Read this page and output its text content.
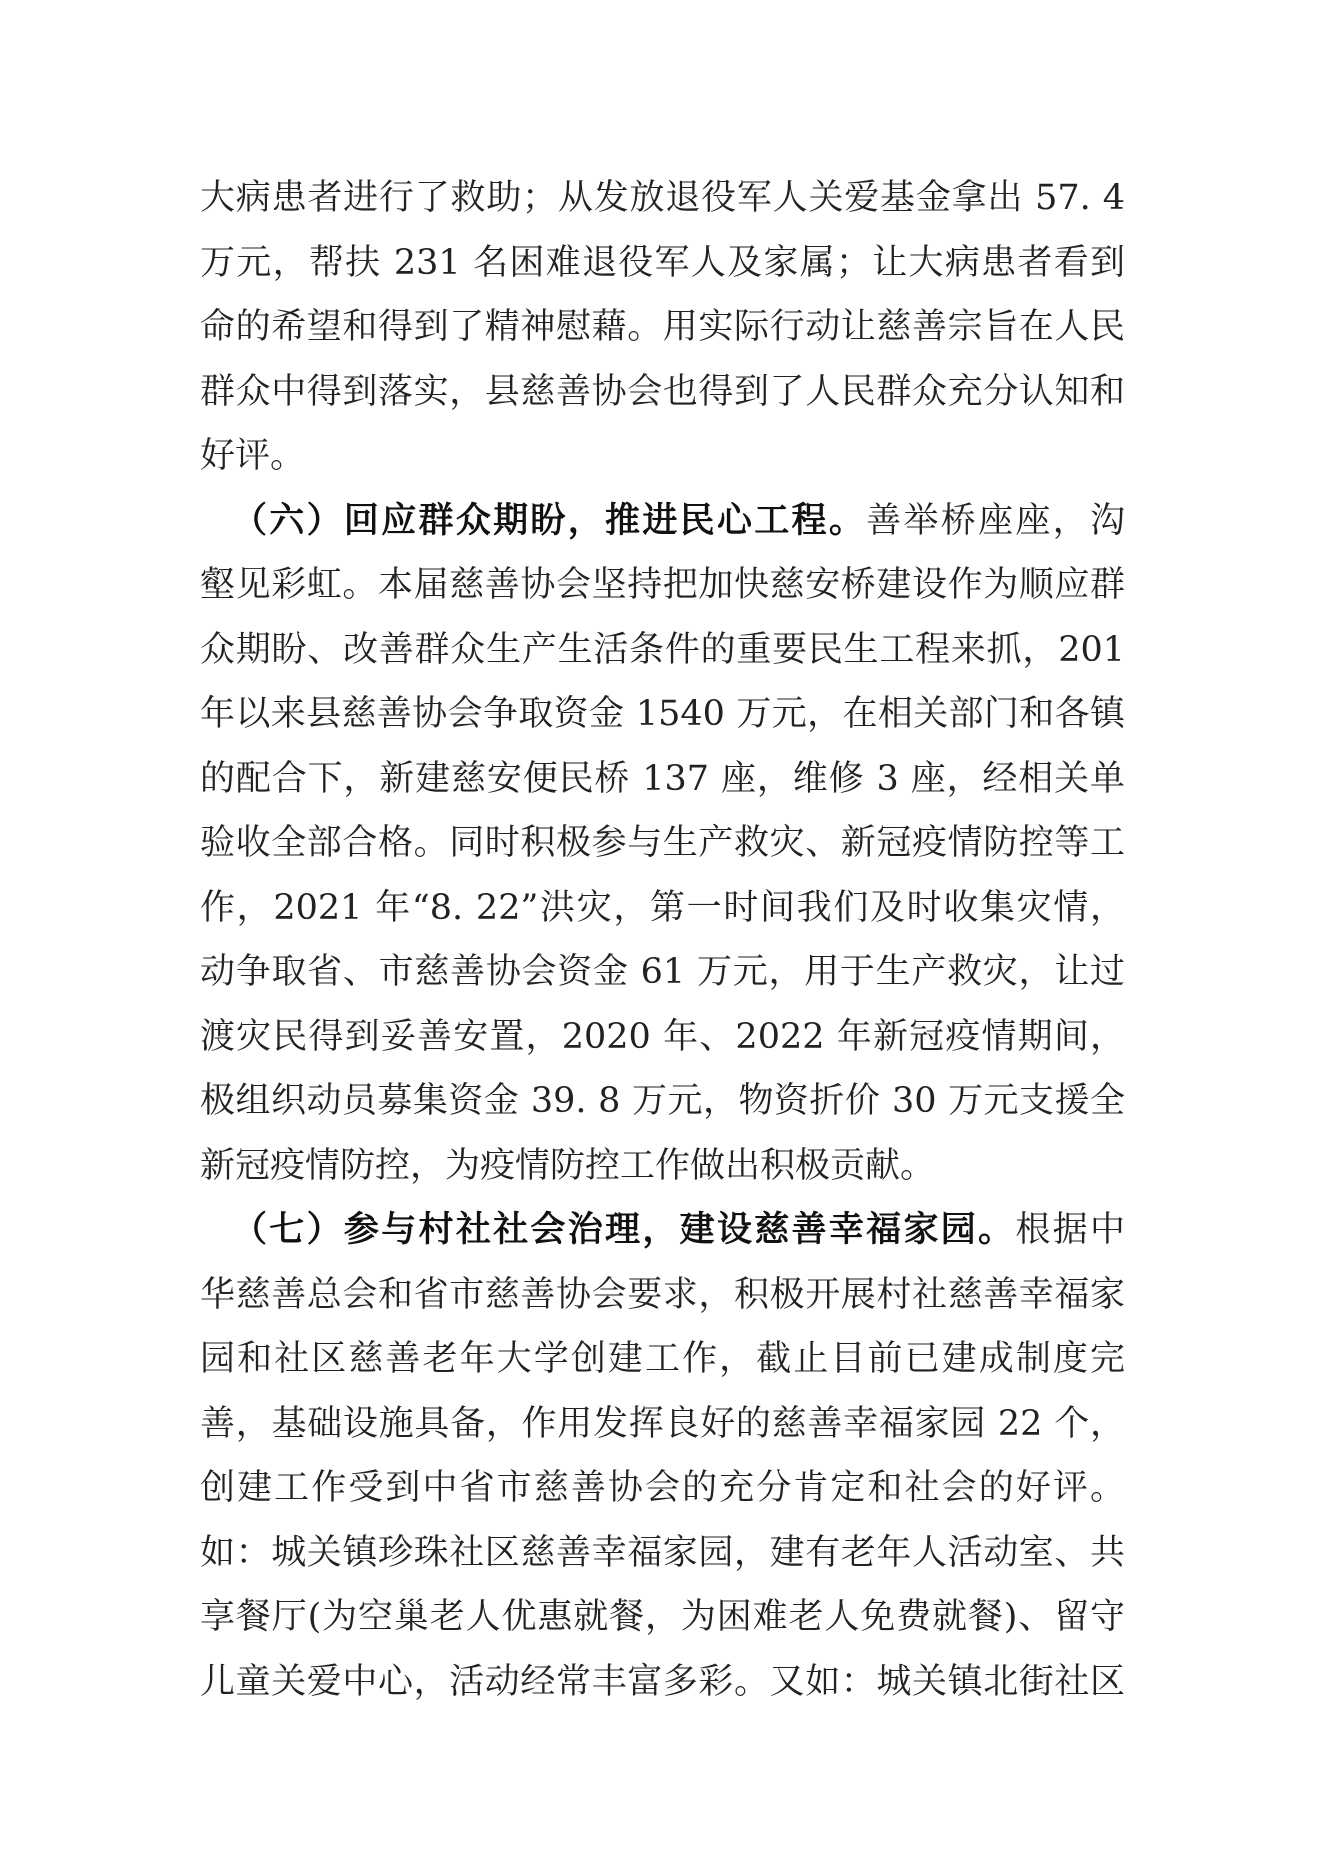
大病患者进行了救助；从发放退役军人关爱基金拿出 57. 4
万元，帮扶 231 名困难退役军人及家属；让大病患者看到
命的希望和得到了精神慰藉。用实际行动让慈善宗旨在人民
群众中得到落实，县慈善协会也得到了人民群众充分认知和
好评。
（六）回应群众期盼，推进民心工程。善举桥座座，沟
壑见彩虹。本届慈善协会坚持把加快慈安桥建设作为顺应群
众期盼、改善群众生产生活条件的重要民生工程来抓，201
年以来县慈善协会争取资金 1540 万元，在相关部门和各镇
的配合下，新建慈安便民桥 137 座，维修 3 座，经相关单
验收全部合格。同时积极参与生产救灾、新冠疫情防控等工
作，2021 年“8. 22”洪灾，第一时间我们及时收集灾情，
动争取省、市慈善协会资金 61 万元，用于生产救灾，让过
渡灾民得到妥善安置，2020 年、2022 年新冠疫情期间，
极组织动员募集资金 39. 8 万元，物资折价 30 万元支援全
新冠疫情防控，为疫情防控工作做出积极贡献。
（七）参与村社社会治理，建设慈善幸福家园。根据中
华慈善总会和省市慈善协会要求，积极开展村社慈善幸福家
园和社区慈善老年大学创建工作，截止目前已建成制度完
善，基础设施具备，作用发挥良好的慈善幸福家园 22 个，
创建工作受到中省市慈善协会的充分肯定和社会的好评。
如：城关镇珍珠社区慈善幸福家园，建有老年人活动室、共
享餐厅(为空巢老人优惠就餐，为困难老人免费就餐)、留守
儿童关爱中心，活动经常丰富多彩。又如：城关镇北街社区
